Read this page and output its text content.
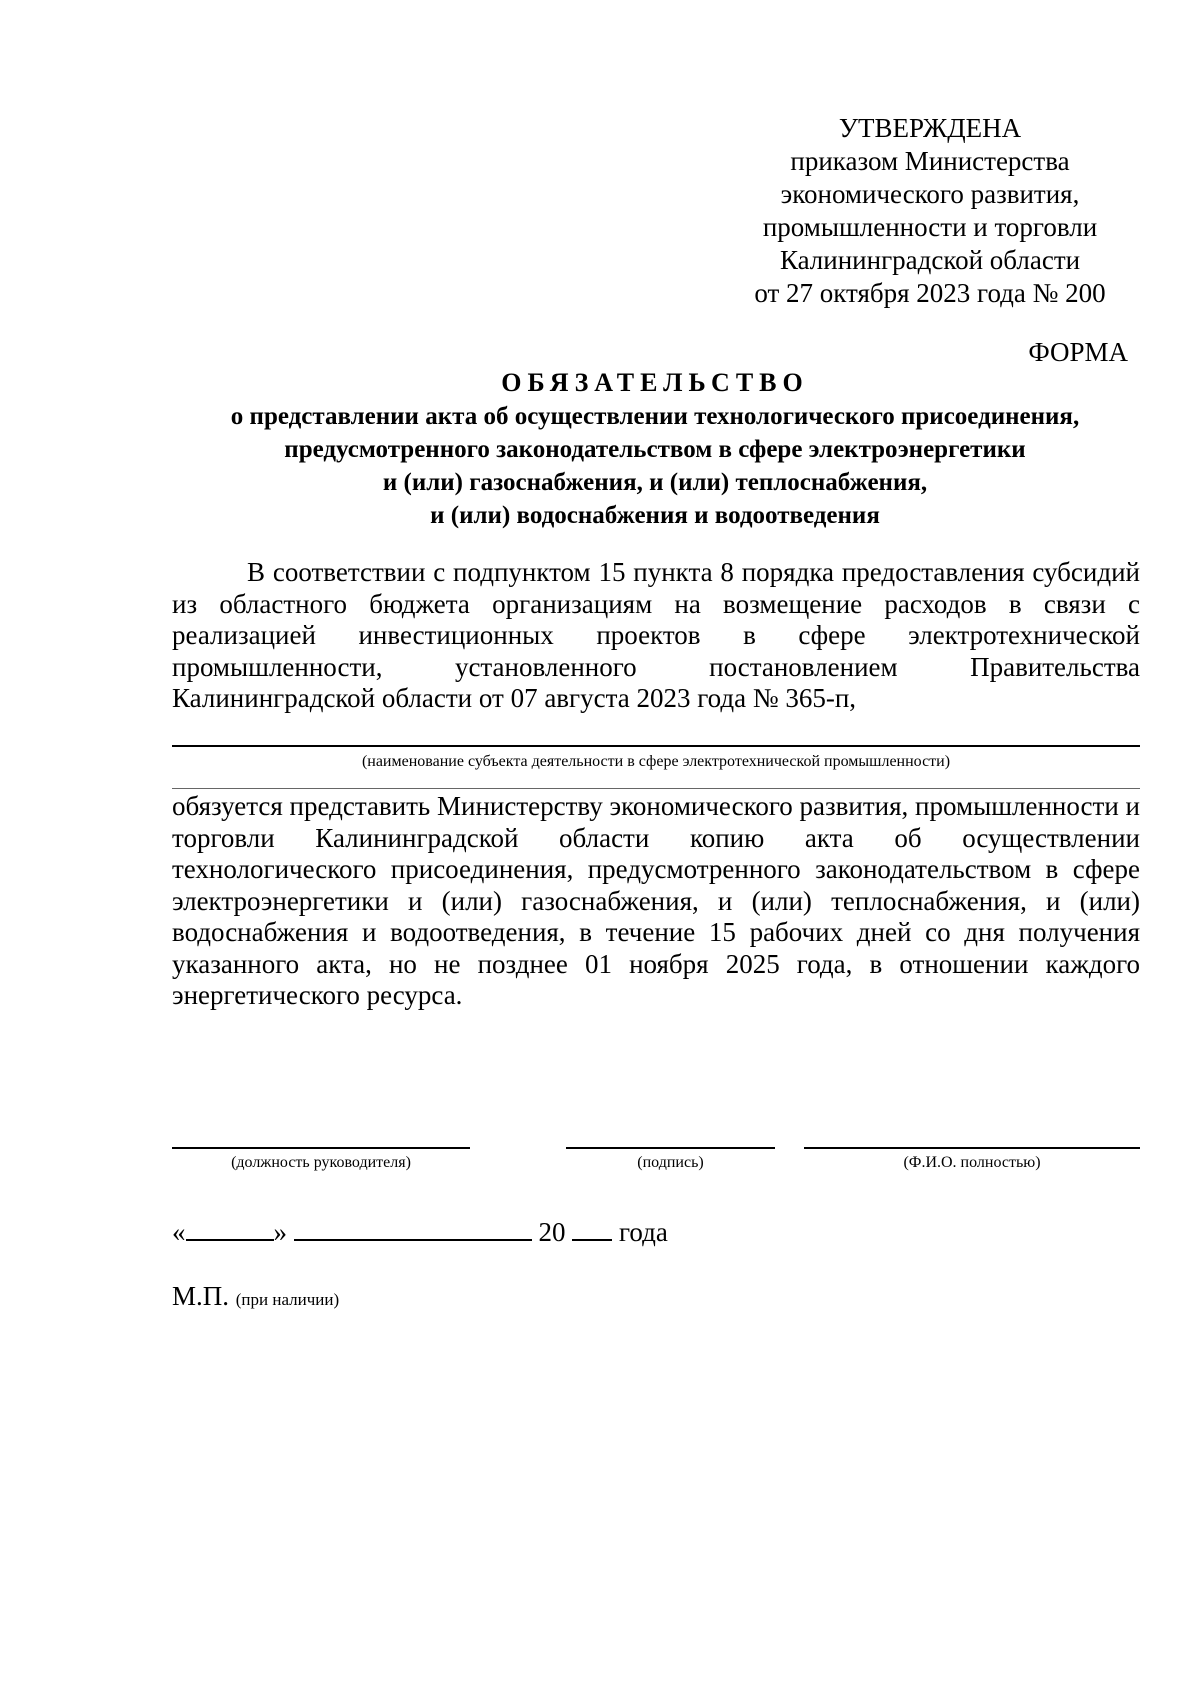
УТВЕРЖДЕНА
приказом Министерства
экономического развития,
промышленности и торговли
Калининградской области
от 27 октября 2023 года № 200
ФОРМА
ОБЯЗАТЕЛЬСТВО
о представлении акта об осуществлении технологического присоединения,
предусмотренного законодательством в сфере электроэнергетики
и (или) газоснабжения, и (или) теплоснабжения,
и (или) водоснабжения и водоотведения
В соответствии с подпунктом 15 пункта 8 порядка предоставления субсидий из областного бюджета организациям на возмещение расходов в связи с реализацией инвестиционных проектов в сфере электротехнической промышленности, установленного постановлением Правительства Калининградской области от 07 августа 2023 года № 365-п,
(наименование субъекта деятельности в сфере электротехнической промышленности)
обязуется представить Министерству экономического развития, промышленности и торговли Калининградской области копию акта об осуществлении технологического присоединения, предусмотренного законодательством в сфере электроэнергетики и (или) газоснабжения, и (или) теплоснабжения, и (или) водоснабжения и водоотведения, в течение 15 рабочих дней со дня получения указанного акта, но не позднее 01 ноября 2025 года, в отношении каждого энергетического ресурса.
(должность руководителя)	(подпись)	(Ф.И.О. полностью)
«	»	20 года
М.П. (при наличии)
